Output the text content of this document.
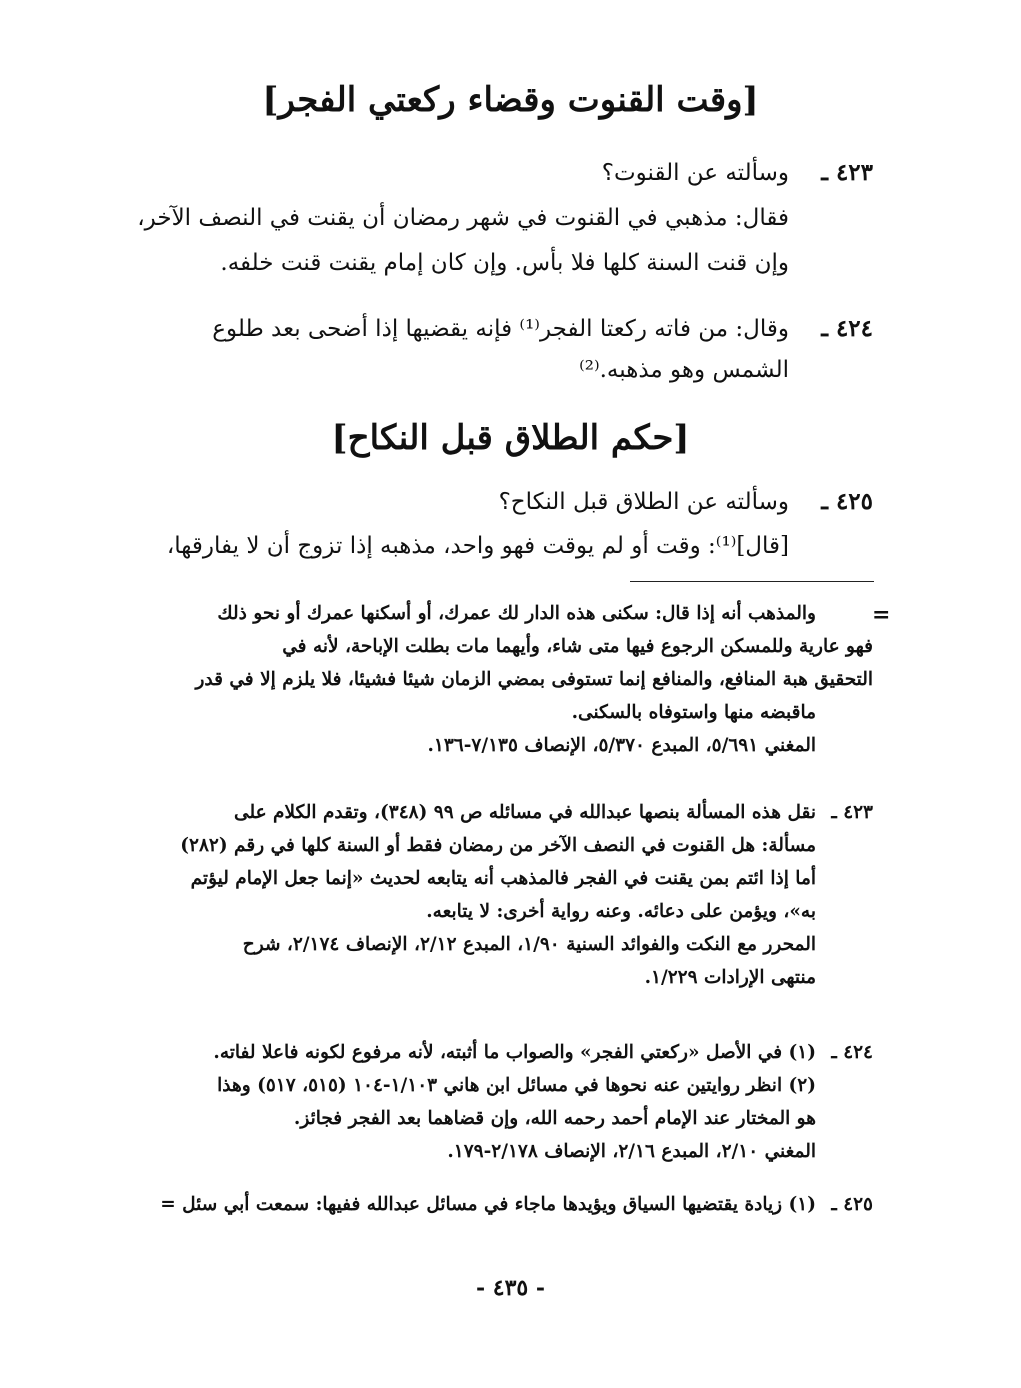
[وقت القنوت وقضاء ركعتي الفجر]
٤٢٣ ـ
وسألته عن القنوت؟
فقال: مذهبي في القنوت في شهر رمضان أن يقنت في النصف الآخر،
وإن قنت السنة كلها فلا بأس. وإن كان إمام يقنت قنت خلفه.
٤٢٤ ـ
وقال: من فاته ركعتا الفجر⁽¹⁾ فإنه يقضيها إذا أضحى بعد طلوع
الشمس وهو مذهبه.⁽²⁾
[حكم الطلاق قبل النكاح]
٤٢٥ ـ
وسألته عن الطلاق قبل النكاح؟
[قال]⁽¹⁾: وقت أو لم يوقت فهو واحد، مذهبه إذا تزوج أن لا يفارقها،
=
والمذهب أنه إذا قال: سكنى هذه الدار لك عمرك، أو أسكنها عمرك أو نحو ذلك
فهو عارية وللمسكن الرجوع فيها متى شاء، وأيهما مات بطلت الإباحة، لأنه في
التحقيق هبة المنافع، والمنافع إنما تستوفى بمضي الزمان شيئا فشيئا، فلا يلزم إلا في قدر
ماقبضه منها واستوفاه بالسكنى.
المغني ٥/٦٩١، المبدع ٥/٣٧٠، الإنصاف ٧/١٣٥-١٣٦.
٤٢٣ ـ
نقل هذه المسألة بنصها عبدالله في مسائله ص ٩٩ (٣٤٨)، وتقدم الكلام على
مسألة: هل القنوت في النصف الآخر من رمضان فقط أو السنة كلها في رقم (٢٨٢)
أما إذا ائتم بمن يقنت في الفجر فالمذهب أنه يتابعه لحديث «إنما جعل الإمام ليؤتم
به»، ويؤمن على دعائه. وعنه رواية أخرى: لا يتابعه.
المحرر مع النكت والفوائد السنية ١/٩٠، المبدع ٢/١٢، الإنصاف ٢/١٧٤، شرح
منتهى الإرادات ١/٢٢٩.
٤٢٤ ـ
(١) في الأصل «ركعتي الفجر» والصواب ما أثبته، لأنه مرفوع لكونه فاعلا لفاته.
(٢) انظر روايتين عنه نحوها في مسائل ابن هاني ١/١٠٣-١٠٤ (٥١٥، ٥١٧) وهذا
هو المختار عند الإمام أحمد رحمه الله، وإن قضاهما بعد الفجر فجائز.
المغني ٢/١٠، المبدع ٢/١٦، الإنصاف ٢/١٧٨-١٧٩.
٤٢٥ ـ
(١) زيادة يقتضيها السياق ويؤيدها ماجاء في مسائل عبدالله ففيها: سمعت أبي سئل =
- ٤٣٥ -
